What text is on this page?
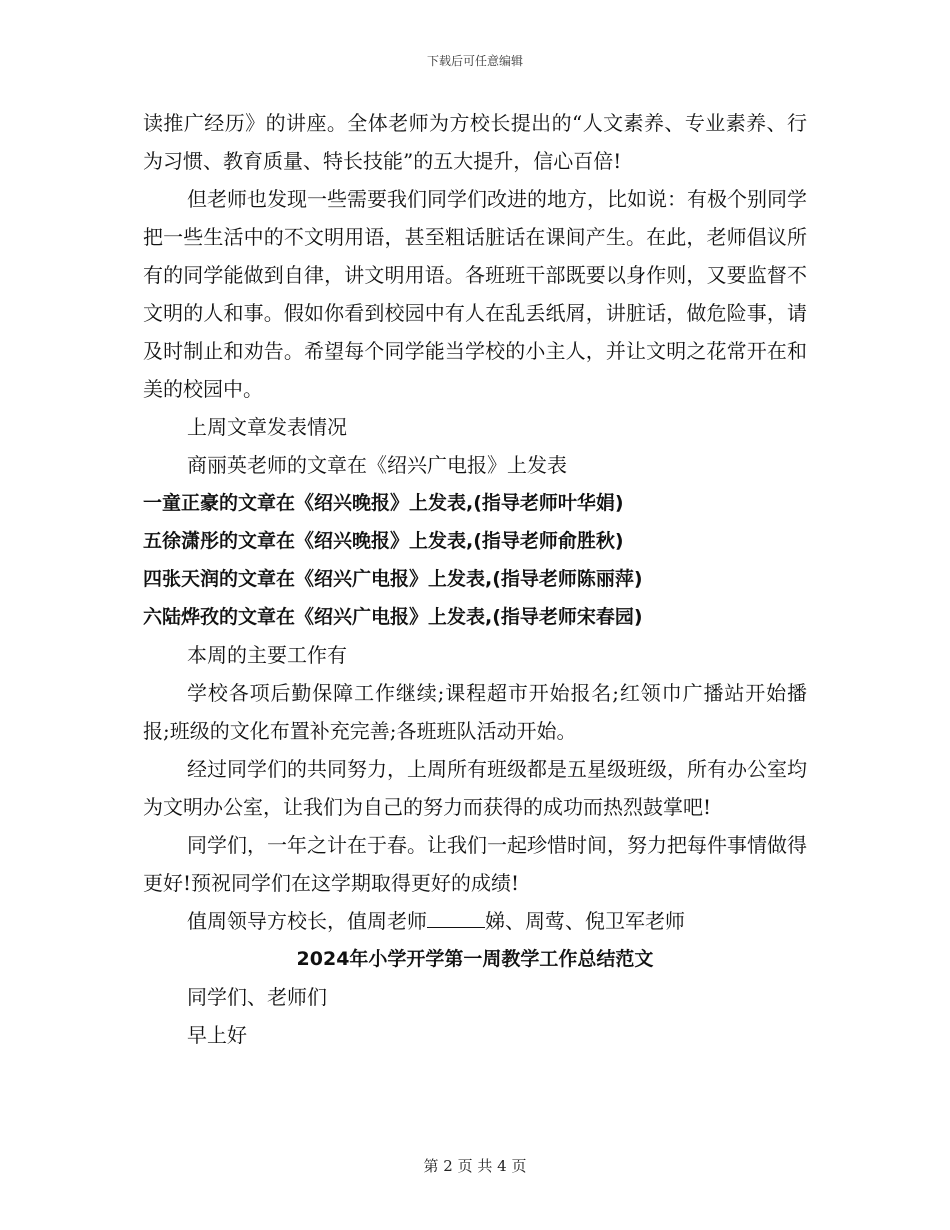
下载后可任意编辑

读推广经历》的讲座。全体老师为方校长提出的“人文素养、专业素养、行为习惯、教育质量、特长技能”的五大提升，信心百倍!

但老师也发现一些需要我们同学们改进的地方，比如说：有极个别同学把一些生活中的不文明用语，甚至粗话脏话在课间产生。在此，老师倡议所有的同学能做到自律，讲文明用语。各班班干部既要以身作则，又要监督不文明的人和事。假如你看到校园中有人在乱丢纸屑，讲脏话，做危险事，请及时制止和劝告。希望每个同学能当学校的小主人，并让文明之花常开在和美的校园中。

上周文章发表情况

商丽英老师的文章在《绍兴广电报》上发表

一童正豪的文章在《绍兴晚报》上发表,(指导老师叶华娟)

五徐潇彤的文章在《绍兴晚报》上发表,(指导老师俞胜秋)

四张天润的文章在《绍兴广电报》上发表,(指导老师陈丽萍)

六陆烨孜的文章在《绍兴广电报》上发表,(指导老师宋春园)

本周的主要工作有

学校各项后勤保障工作继续;课程超市开始报名;红领巾广播站开始播报;班级的文化布置补充完善;各班班队活动开始。

经过同学们的共同努力，上周所有班级都是五星级班级，所有办公室均为文明办公室，让我们为自己的努力而获得的成功而热烈鼓掌吧!

同学们，一年之计在于春。让我们一起珍惜时间，努力把每件事情做得更好!预祝同学们在这学期取得更好的成绩!

值周领导方校长，值周老师	娣、周莺、倪卫军老师

2024年小学开学第一周教学工作总结范文

同学们、老师们

早上好

第 2 页 共 4 页
